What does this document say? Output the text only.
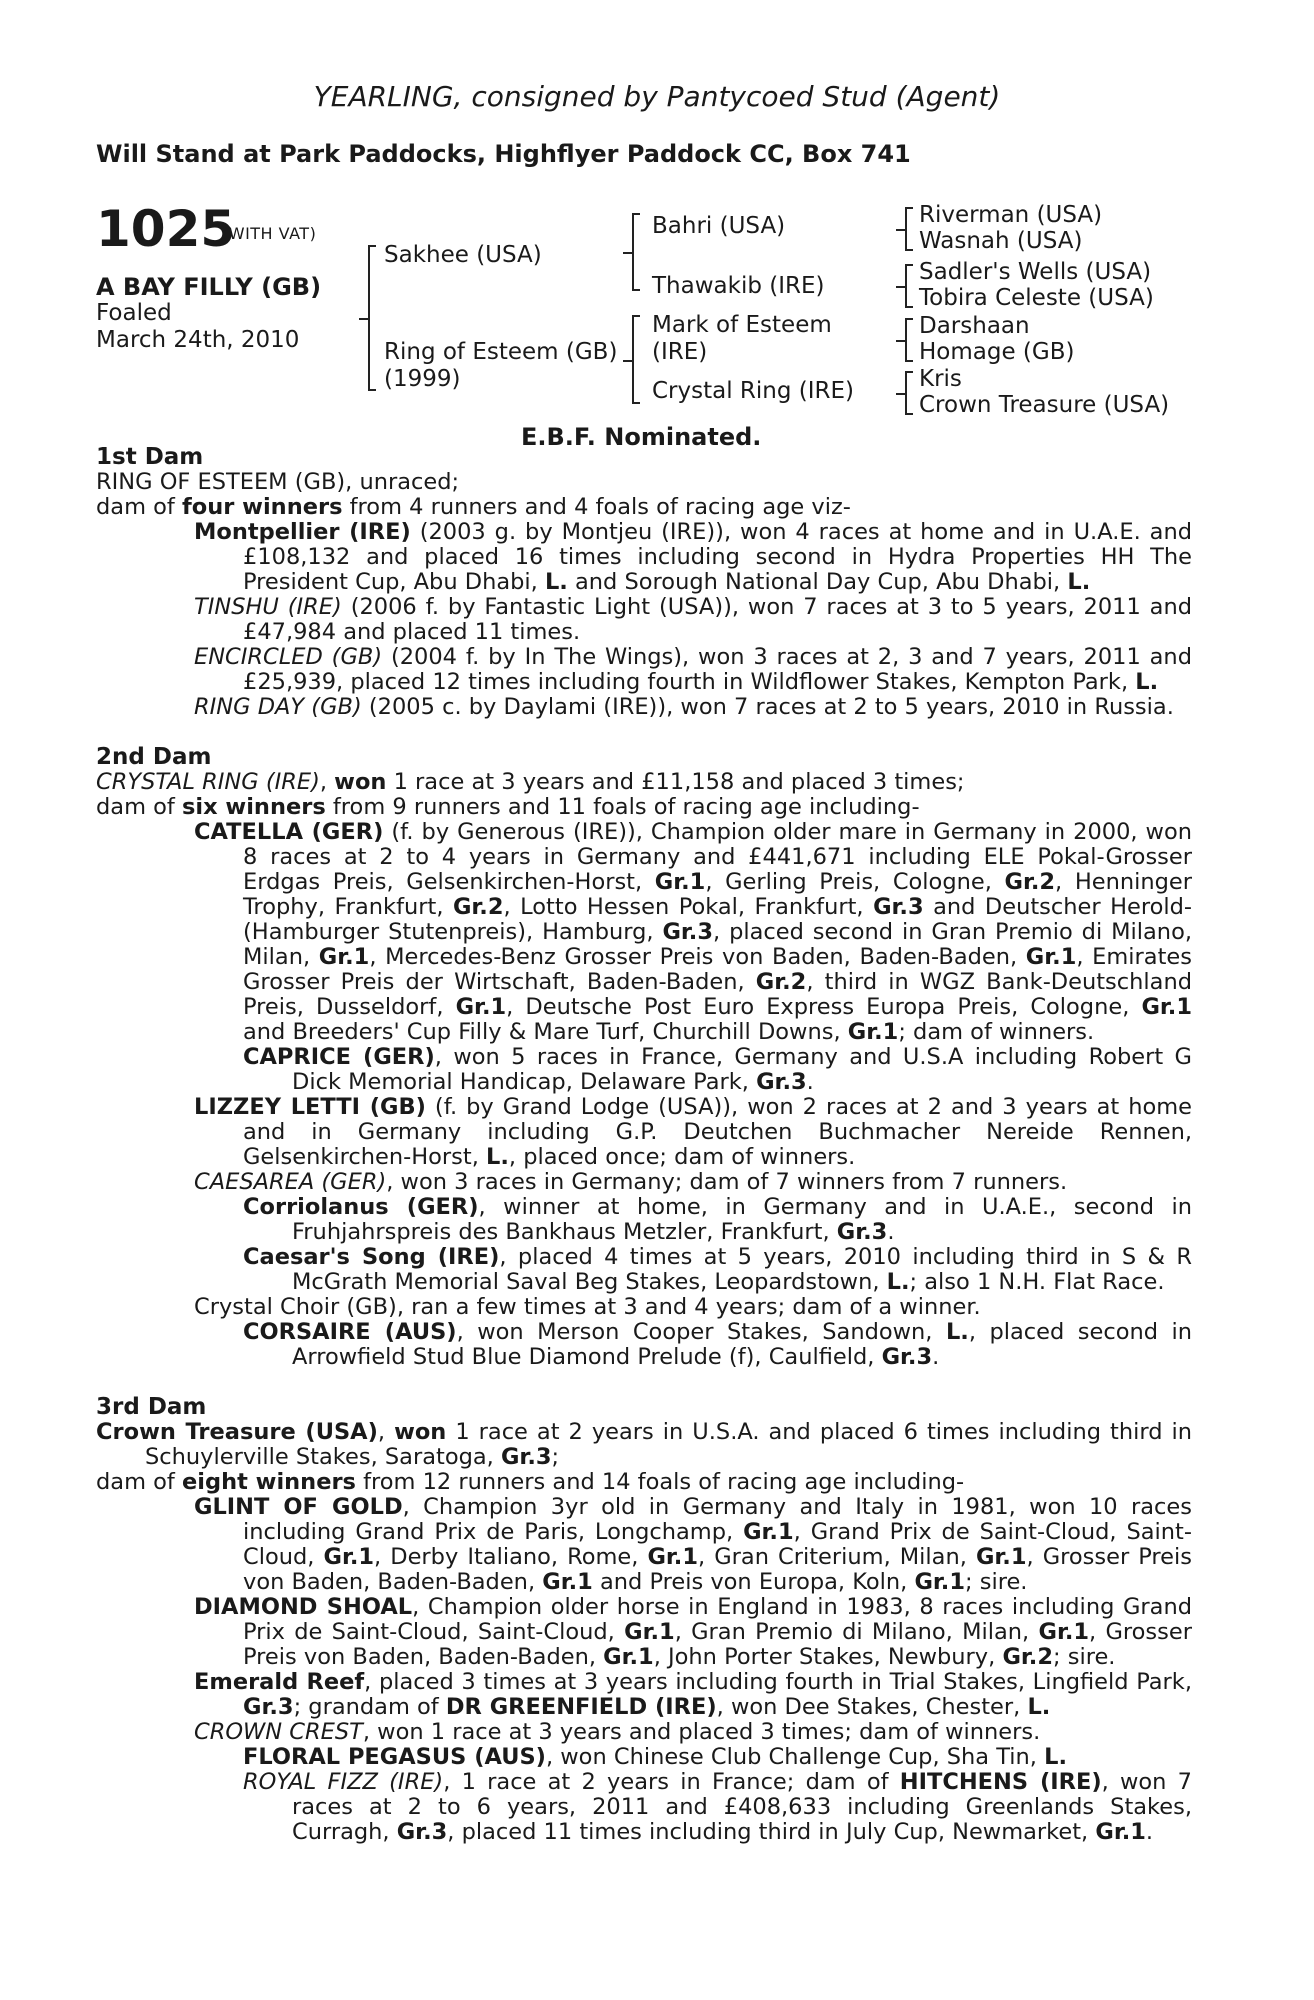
YEARLING, consigned by Pantycoed Stud (Agent)
Will Stand at Park Paddocks, Highflyer Paddock CC, Box 741
1025
(WITH VAT)
A BAY FILLY (GB)
Foaled
March 24th, 2010
Sakhee (USA)
Ring of Esteem (GB)
(1999)
Bahri (USA)
Thawakib (IRE)
Mark of Esteem
(IRE)
Crystal Ring (IRE)
Riverman (USA)
Wasnah (USA)
Sadler's Wells (USA)
Tobira Celeste (USA)
Darshaan
Homage (GB)
Kris
Crown Treasure (USA)
E.B.F. Nominated.

1st Dam

RING OF ESTEEM (GB), unraced;

dam of four winners from 4 runners and 4 foals of racing age viz-

Montpellier (IRE) (2003 g. by Montjeu (IRE)), won 4 races at home and in U.A.E. and £108,132 and placed 16 times including second in Hydra Properties HH The President Cup, Abu Dhabi, L. and Sorough National Day Cup, Abu Dhabi, L.

TINSHU (IRE) (2006 f. by Fantastic Light (USA)), won 7 races at 3 to 5 years, 2011 and £47,984 and placed 11 times.

ENCIRCLED (GB) (2004 f. by In The Wings), won 3 races at 2, 3 and 7 years, 2011 and £25,939, placed 12 times including fourth in Wildflower Stakes, Kempton Park, L.

RING DAY (GB) (2005 c. by Daylami (IRE)), won 7 races at 2 to 5 years, 2010 in Russia.

2nd Dam

CRYSTAL RING (IRE), won 1 race at 3 years and £11,158 and placed 3 times;

dam of six winners from 9 runners and 11 foals of racing age including-

CATELLA (GER) (f. by Generous (IRE)), Champion older mare in Germany in 2000, won 8 races at 2 to 4 years in Germany and £441,671 including ELE Pokal-Grosser Erdgas Preis, Gelsenkirchen-Horst, Gr.1, Gerling Preis, Cologne, Gr.2, Henninger Trophy, Frankfurt, Gr.2, Lotto Hessen Pokal, Frankfurt, Gr.3 and Deutscher Herold-(Hamburger Stutenpreis), Hamburg, Gr.3, placed second in Gran Premio di Milano, Milan, Gr.1, Mercedes-Benz Grosser Preis von Baden, Baden-Baden, Gr.1, Emirates Grosser Preis der Wirtschaft, Baden-Baden, Gr.2, third in WGZ Bank-Deutschland Preis, Dusseldorf, Gr.1, Deutsche Post Euro Express Europa Preis, Cologne, Gr.1 and Breeders' Cup Filly & Mare Turf, Churchill Downs, Gr.1; dam of winners.

CAPRICE (GER), won 5 races in France, Germany and U.S.A including Robert G Dick Memorial Handicap, Delaware Park, Gr.3.

LIZZEY LETTI (GB) (f. by Grand Lodge (USA)), won 2 races at 2 and 3 years at home and in Germany including G.P. Deutchen Buchmacher Nereide Rennen, Gelsenkirchen-Horst, L., placed once; dam of winners.

CAESAREA (GER), won 3 races in Germany; dam of 7 winners from 7 runners.

Corriolanus (GER), winner at home, in Germany and in U.A.E., second in Fruhjahrspreis des Bankhaus Metzler, Frankfurt, Gr.3.

Caesar's Song (IRE), placed 4 times at 5 years, 2010 including third in S & R McGrath Memorial Saval Beg Stakes, Leopardstown, L.; also 1 N.H. Flat Race.

Crystal Choir (GB), ran a few times at 3 and 4 years; dam of a winner.

CORSAIRE (AUS), won Merson Cooper Stakes, Sandown, L., placed second in Arrowfield Stud Blue Diamond Prelude (f), Caulfield, Gr.3.

3rd Dam

Crown Treasure (USA), won 1 race at 2 years in U.S.A. and placed 6 times including third in Schuylerville Stakes, Saratoga, Gr.3;

dam of eight winners from 12 runners and 14 foals of racing age including-

GLINT OF GOLD, Champion 3yr old in Germany and Italy in 1981, won 10 races including Grand Prix de Paris, Longchamp, Gr.1, Grand Prix de Saint-Cloud, Saint-Cloud, Gr.1, Derby Italiano, Rome, Gr.1, Gran Criterium, Milan, Gr.1, Grosser Preis von Baden, Baden-Baden, Gr.1 and Preis von Europa, Koln, Gr.1; sire.

DIAMOND SHOAL, Champion older horse in England in 1983, 8 races including Grand Prix de Saint-Cloud, Saint-Cloud, Gr.1, Gran Premio di Milano, Milan, Gr.1, Grosser Preis von Baden, Baden-Baden, Gr.1, John Porter Stakes, Newbury, Gr.2; sire.

Emerald Reef, placed 3 times at 3 years including fourth in Trial Stakes, Lingfield Park, Gr.3; grandam of DR GREENFIELD (IRE), won Dee Stakes, Chester, L.

CROWN CREST, won 1 race at 3 years and placed 3 times; dam of winners.

FLORAL PEGASUS (AUS), won Chinese Club Challenge Cup, Sha Tin, L.

ROYAL FIZZ (IRE), 1 race at 2 years in France; dam of HITCHENS (IRE), won 7 races at 2 to 6 years, 2011 and £408,633 including Greenlands Stakes, Curragh, Gr.3, placed 11 times including third in July Cup, Newmarket, Gr.1.
